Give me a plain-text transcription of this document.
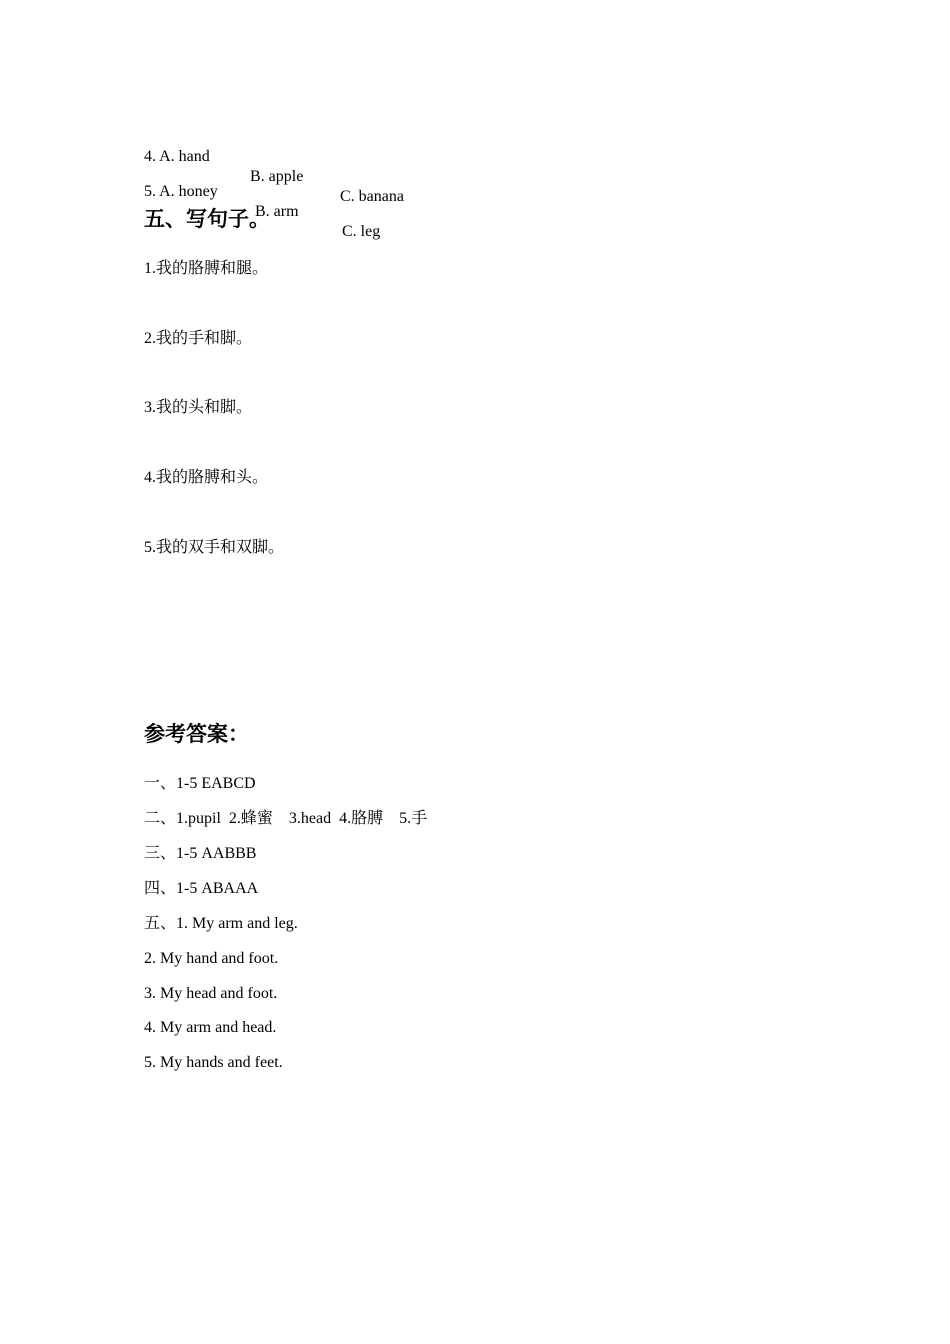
4. A. hand

B. apple

C. banana

5. A. honey

B. arm

C. leg

五、写句子。
1.我的胳膊和腿。
2.我的手和脚。
3.我的头和脚。
4.我的胳膊和头。
5.我的双手和双脚。
参考答案：
一、1-5 EABCD
二、1.pupil  2.蜂蜜    3.head  4.胳膊    5.手
三、1-5 AABBB
四、1-5 ABAAA
五、1. My arm and leg.
2. My hand and foot.
3. My head and foot.
4. My arm and head.
5. My hands and feet.
